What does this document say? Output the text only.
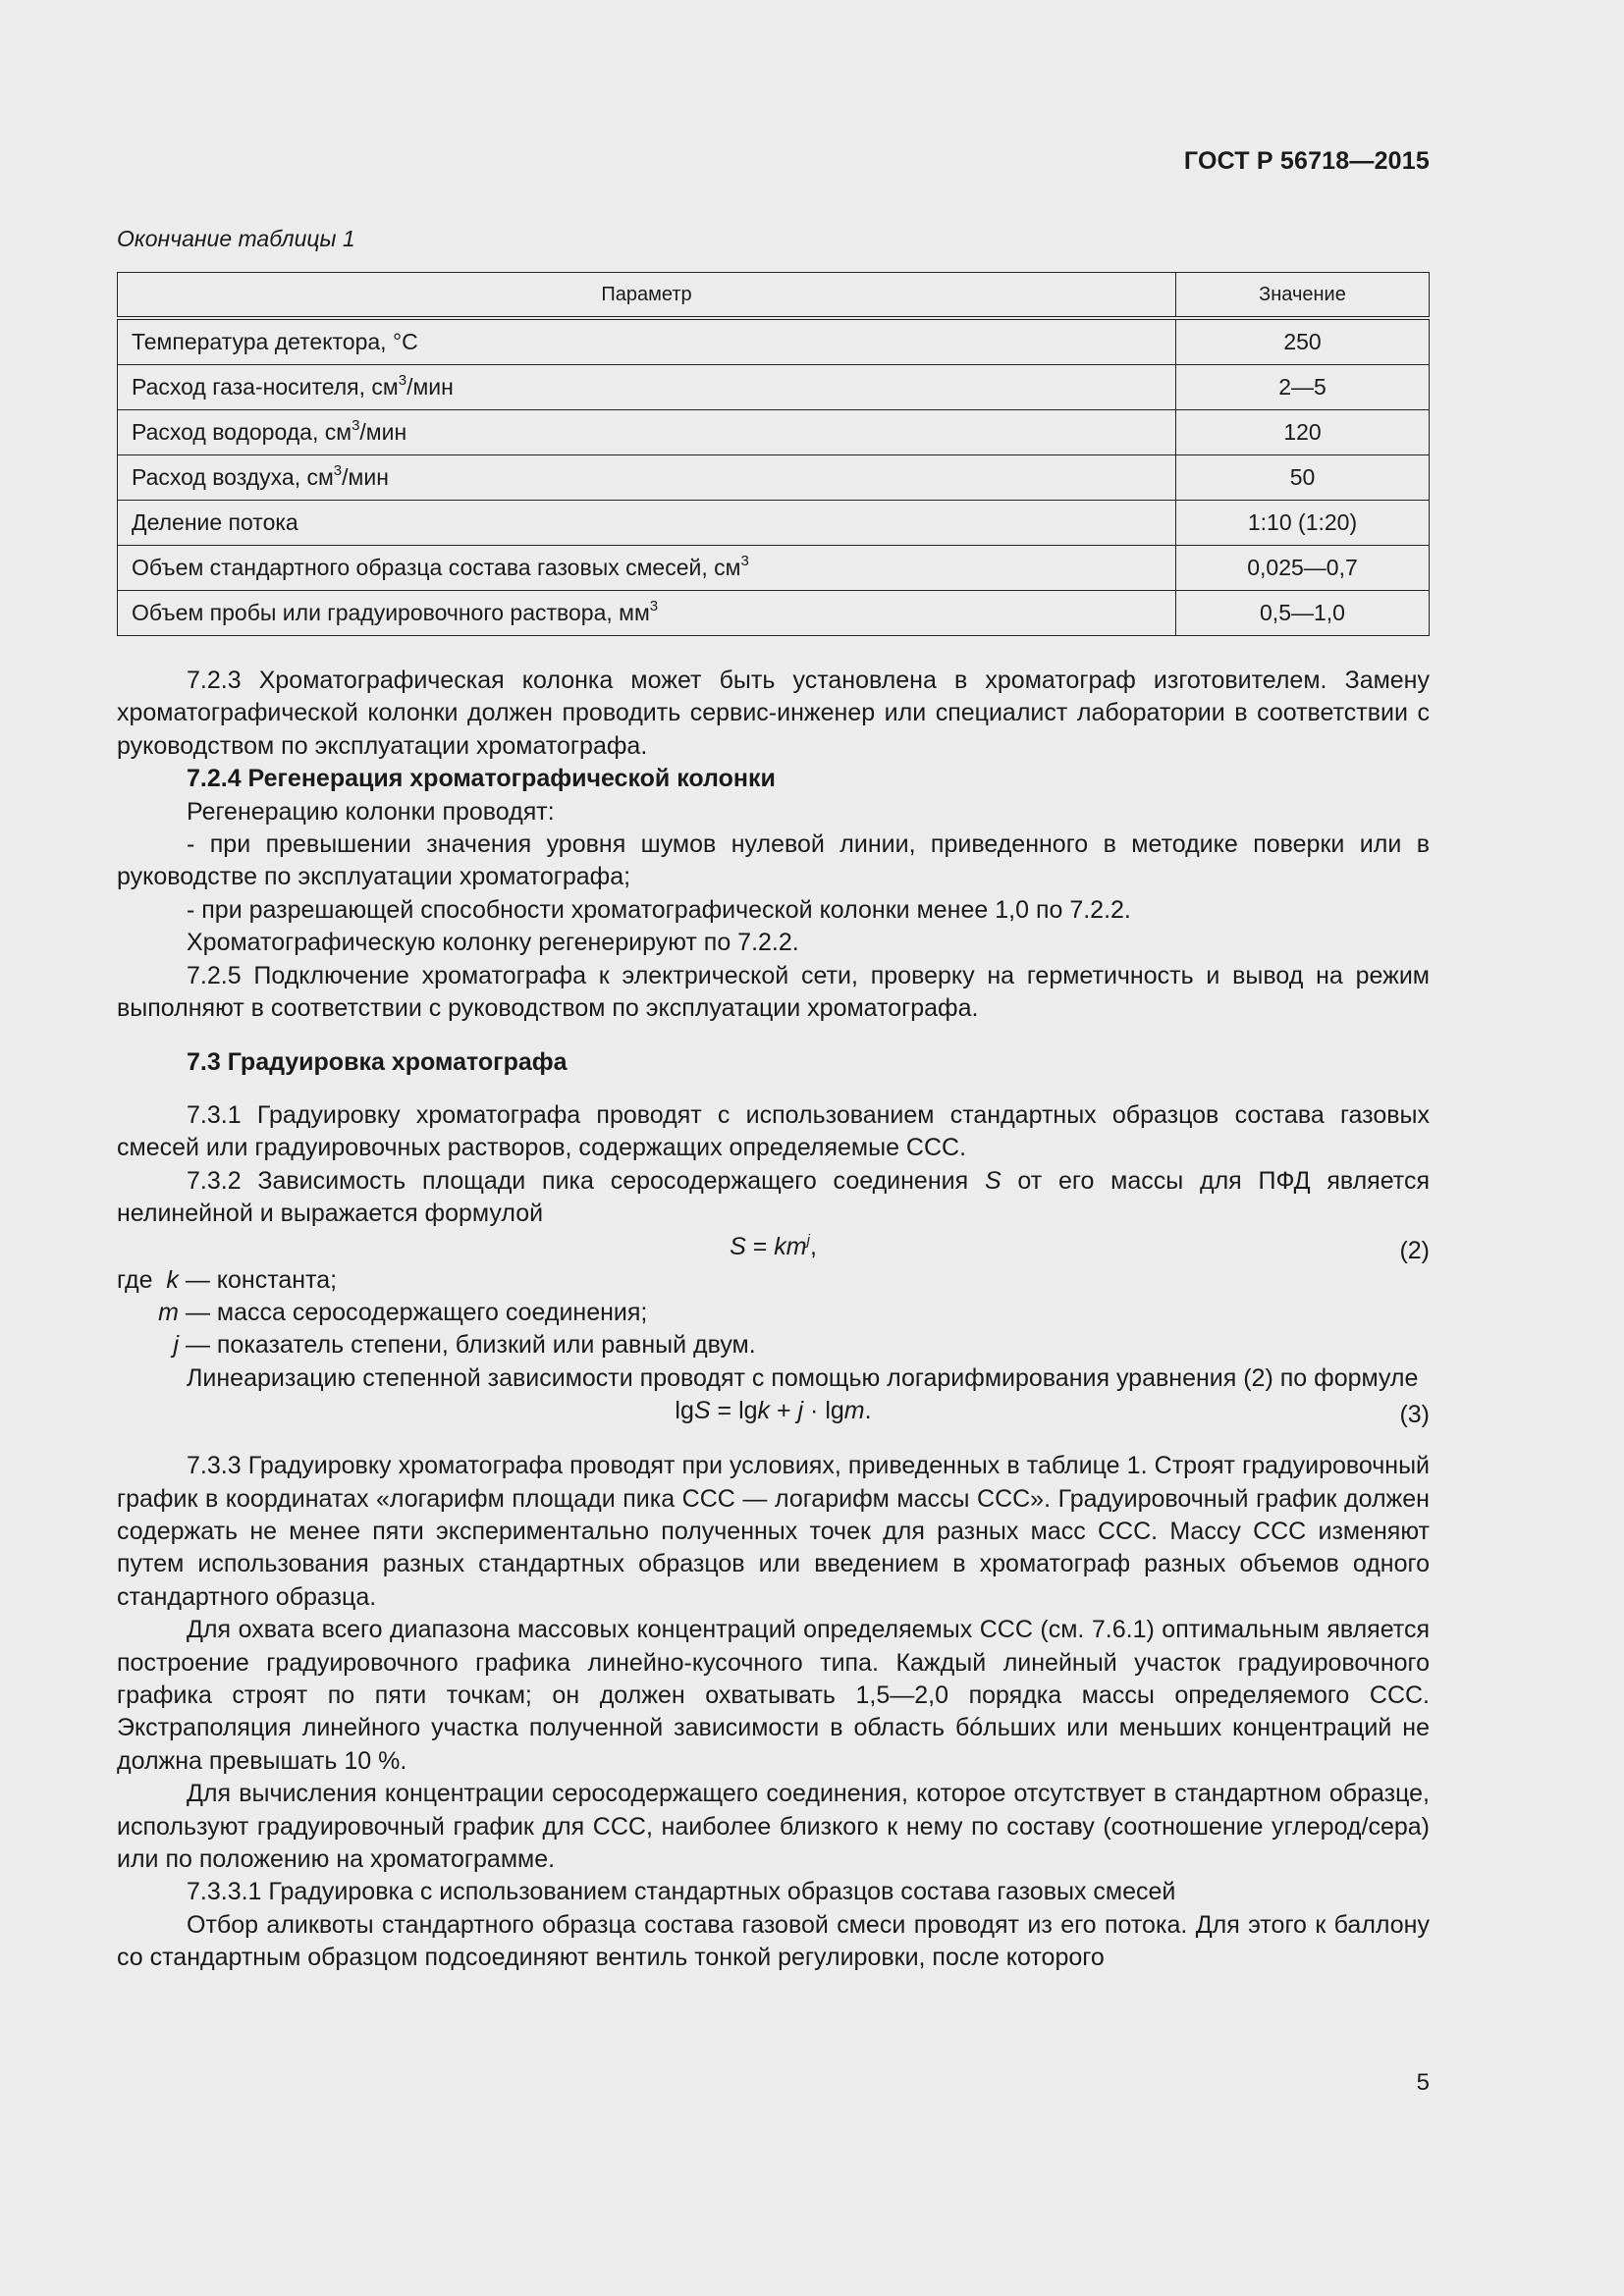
ГОСТ Р 56718—2015
Окончание таблицы 1
Параметр	Значение
Температура детектора, °С	250
Расход газа-носителя, $см^3$/мин	2—5
Расход водорода, $см^3$/мин	120
Расход воздуха, $см^3$/мин	50
Деление потока	1:10 (1:20)
Объем стандартного образца состава газовых смесей, $см^3$	0,025—0,7
Объем пробы или градуировочного раствора, $мм^3$	0,5—1,0

7.2.3 Хроматографическая колонка может быть установлена в хроматограф изготовителем. Замену хроматографической колонки должен проводить сервис-инженер или специалист лаборатории в соответствии с руководством по эксплуатации хроматографа.

7.2.4 Регенерация хроматографической колонки

Регенерацию колонки проводят:

- при превышении значения уровня шумов нулевой линии, приведенного в методике поверки или в руководстве по эксплуатации хроматографа;

- при разрешающей способности хроматографической колонки менее 1,0 по 7.2.2.

Хроматографическую колонку регенерируют по 7.2.2.

7.2.5 Подключение хроматографа к электрической сети, проверку на герметичность и вывод на режим выполняют в соответствии с руководством по эксплуатации хроматографа.

7.3 Градуировка хроматографа

7.3.1 Градуировку хроматографа проводят с использованием стандартных образцов состава газовых смесей или градуировочных растворов, содержащих определяемые ССС.

7.3.2 Зависимость площади пика серосодержащего соединения S от его массы для ПФД является нелинейной и выражается формулой

$S = km^j$,	(2)

где k — константа;

m — масса серосодержащего соединения;

j — показатель степени, близкий или равный двум.

Линеаризацию степенной зависимости проводят с помощью логарифмирования уравнения (2) по формуле

lgS = lgk + j · lgm.	(3)

7.3.3 Градуировку хроматографа проводят при условиях, приведенных в таблице 1. Строят градуировочный график в координатах «логарифм площади пика ССС — логарифм массы ССС». Градуировочный график должен содержать не менее пяти экспериментально полученных точек для разных масс ССС. Массу ССС изменяют путем использования разных стандартных образцов или введением в хроматограф разных объемов одного стандартного образца.

Для охвата всего диапазона массовых концентраций определяемых ССС (см. 7.6.1) оптимальным является построение градуировочного графика линейно-кусочного типа. Каждый линейный участок градуировочного графика строят по пяти точкам; он должен охватывать 1,5—2,0 порядка массы определяемого ССС. Экстраполяция линейного участка полученной зависимости в область бóльших или меньших концентраций не должна превышать 10 %.

Для вычисления концентрации серосодержащего соединения, которое отсутствует в стандартном образце, используют градуировочный график для ССС, наиболее близкого к нему по составу (соотношение углерод/сера) или по положению на хроматограмме.

7.3.3.1 Градуировка с использованием стандартных образцов состава газовых смесей

Отбор аликвоты стандартного образца состава газовой смеси проводят из его потока. Для этого к баллону со стандартным образцом подсоединяют вентиль тонкой регулировки, после которого

5
